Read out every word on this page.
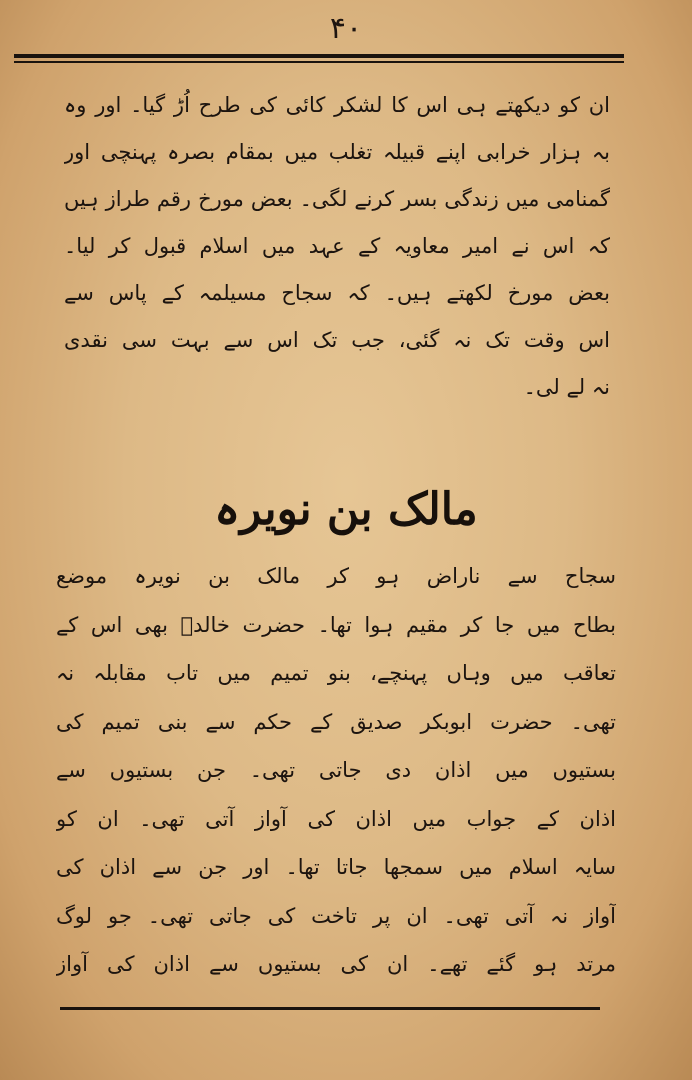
۴۰
ان کو دیکھتے ہی اس کا لشکر کائی کی طرح اُڑ گیا۔ اور وہ
بہ ہزار خرابی اپنے قبیلہ تغلب میں بمقام بصرہ پہنچی اور
گمنامی میں زندگی بسر کرنے لگی۔ بعض مورخ رقم طراز ہیں
کہ اس نے امیر معاویہ کے عہد میں اسلام قبول کر لیا۔
بعض مورخ لکھتے ہیں۔ کہ سجاح مسیلمہ کے پاس سے
اس وقت تک نہ گئی، جب تک اس سے بہت سی نقدی
نہ لے لی۔
مالک بن نویرہ
سجاح سے ناراض ہو کر مالک بن نویرہ موضع
بطاح میں جا کر مقیم ہوا تھا۔ حضرت خالدؓ بھی اس کے
تعاقب میں وہاں پہنچے، بنو تمیم میں تاب مقابلہ نہ
تھی۔ حضرت ابوبکر صدیق کے حکم سے بنی تمیم کی
بستیوں میں اذان دی جاتی تھی۔ جن بستیوں سے
اذان کے جواب میں اذان کی آواز آتی تھی۔ ان کو
سایہ اسلام میں سمجھا جاتا تھا۔ اور جن سے اذان کی
آواز نہ آتی تھی۔ ان پر تاخت کی جاتی تھی۔ جو لوگ
مرتد ہو گئے تھے۔ ان کی بستیوں سے اذان کی آواز
